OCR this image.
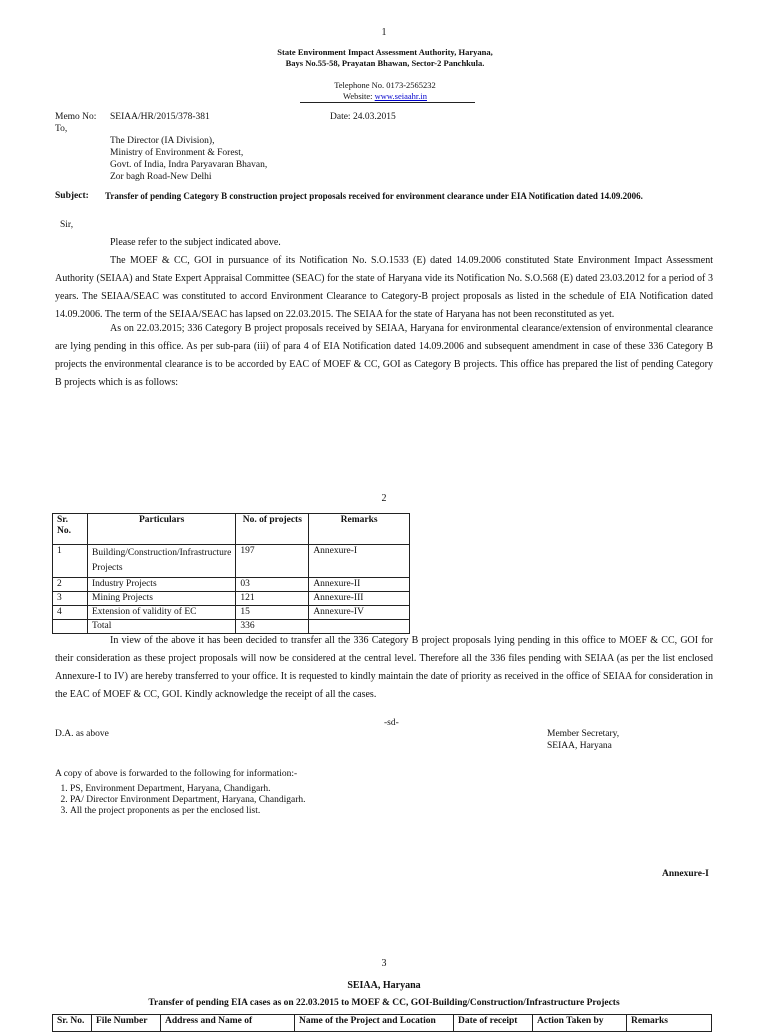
1
State Environment Impact Assessment Authority, Haryana,
Bays No.55-58, Prayatan Bhawan, Sector-2 Panchkula.
Telephone No. 0173-2565232
Website: www.seiaahr.in
Memo No: SEIAA/HR/2015/378-381	Date: 24.03.2015
To,
The Director (IA Division),
Ministry of Environment & Forest,
Govt. of India, Indra Paryavaran Bhavan,
Zor bagh Road-New Delhi
Subject: Transfer of pending Category B construction project proposals received for environment clearance under EIA Notification dated 14.09.2006.
Sir,
Please refer to the subject indicated above.
The MOEF & CC, GOI in pursuance of its Notification No. S.O.1533 (E) dated 14.09.2006 constituted State Environment Impact Assessment Authority (SEIAA) and State Expert Appraisal Committee (SEAC) for the state of Haryana vide its Notification No. S.O.568 (E) dated 23.03.2012 for a period of 3 years. The SEIAA/SEAC was constituted to accord Environment Clearance to Category-B project proposals as listed in the schedule of EIA Notification dated 14.09.2006. The term of the SEIAA/SEAC has lapsed on 22.03.2015. The SEIAA for the state of Haryana has not been reconstituted as yet.
As on 22.03.2015; 336 Category B project proposals received by SEIAA, Haryana for environmental clearance/extension of environmental clearance are lying pending in this office. As per sub-para (iii) of para 4 of EIA Notification dated 14.09.2006 and subsequent amendment in case of these 336 Category B projects the environmental clearance is to be accorded by EAC of MOEF & CC, GOI as Category B projects. This office has prepared the list of pending Category B projects which is as follows:
2
Sr. No.	Particulars	No. of projects	Remarks
1	Building/Construction/Infrastructure Projects	197	Annexure-I
2	Industry Projects	03	Annexure-II
3	Mining Projects	121	Annexure-III
4	Extension of validity of EC	15	Annexure-IV
	Total	336	
In view of the above it has been decided to transfer all the 336 Category B project proposals lying pending in this office to MOEF & CC, GOI for their consideration as these project proposals will now be considered at the central level. Therefore all the 336 files pending with SEIAA (as per the list enclosed Annexure-I to IV) are hereby transferred to your office. It is requested to kindly maintain the date of priority as received in the office of SEIAA for consideration in the EAC of MOEF & CC, GOI. Kindly acknowledge the receipt of all the cases.
-sd-
D.A. as above	Member Secretary,
SEIAA, Haryana
A copy of above is forwarded to the following for information:-
1. PS, Environment Department, Haryana, Chandigarh.
2. PA/ Director Environment Department, Haryana, Chandigarh.
3. All the project proponents as per the enclosed list.
Annexure-I
3
SEIAA, Haryana
Transfer of pending EIA cases as on 22.03.2015 to MOEF & CC, GOI-Building/Construction/Infrastructure Projects
Sr. No.	File Number	Address and Name of	Name of the Project and Location	Date of receipt	Action Taken by	Remarks
